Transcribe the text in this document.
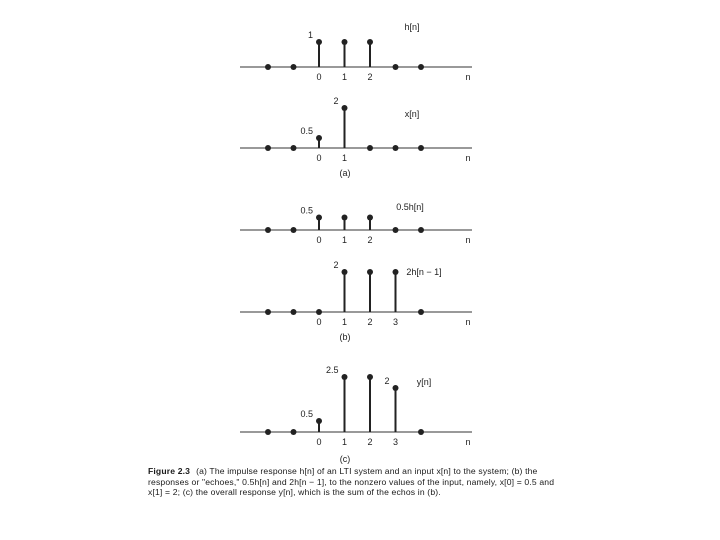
1
0 1 2	n
h[n]
0.5
2
0 1	n
x[n]
(a)
0.5
0 1 2	n
0.5h[n]
2
0 1 2 3	n
2h[n − 1]
(b)
0.5
2.5
2
0 1 2 3	n
y[n]
(c)
Figure 2.3 (a) The impulse response h[n] of an LTI system and an input x[n] to the system; (b) the responses or "echoes," 0.5h[n] and 2h[n − 1], to the nonzero values of the input, namely, x[0] = 0.5 and x[1] = 2; (c) the overall response y[n], which is the sum of the echos in (b).
